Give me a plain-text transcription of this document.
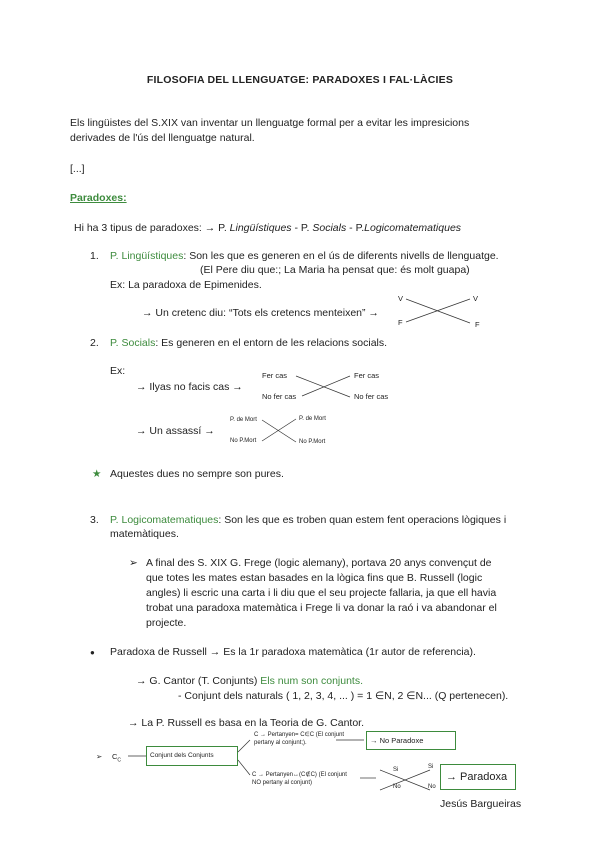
FILOSOFIA DEL LLENGUATGE: PARADOXES I FAL·LÀCIES
Els lingüistes del S.XIX van inventar un llenguatge formal per a evitar les impresicions
derivades de l'ús del llenguatge natural.
[...]
Paradoxes:
Hi ha 3 tipus de paradoxes: → P. Lingüístiques - P. Socials - P.Logicomatematiques
1. P. Lingüístiques: Son les que es generen en el ús de diferents nivells de llenguatge.
(El Pere diu que:; La Maria ha pensat que: és molt guapa)
Ex: La paradoxa de Epimenides.
→ Un cretenc diu: “Tots els cretencs menteixen” →
V
F
V
F
2. P. Socials: Es generen en el entorn de les relacions socials.
Ex:
→ Ilyas no facis cas →
Fer cas
No fer cas
Fer cas
No fer cas
→ Un assassí →
P. de Mort
No P.Mort
P. de Mort
No P.Mort
★ Aquestes dues no sempre son pures.
3. P. Logicomatematiques: Son les que es troben quan estem fent operacions lògiques i
matemàtiques.
➢ A final des S. XIX G. Frege (logic alemany), portava 20 anys convençut de
que totes les mates estan basades en la lògica fins que B. Russell (logic
angles) li escric una carta i li diu que el seu projecte fallaria, ja que ell havia
trobat una paradoxa matemàtica i Frege li va donar la raó i va abandonar el
projecte.
● Paradoxa de Russell → Es la 1r paradoxa matemàtica (1r autor de referencia).
→ G. Cantor (T. Conjunts) Els num son conjunts.
- Conjunt dels naturals ( 1, 2, 3, 4, ... ) = 1 ∈N, 2 ∈N... (Q pertenecen).
→ La P. Russell es basa en la Teoria de G. Cantor.
➢ $C_C$
Conjunt dels Conjunts
C → Pertanyen= C∈C (El conjunt
pertany al conjunt;).	→ No Paradoxe
C → Pertanyen↔(C∉C) (El conjunt
NO pertany al conjunt)
Si
No
Si
No
→ Paradoxa
Jesús Bargueiras
